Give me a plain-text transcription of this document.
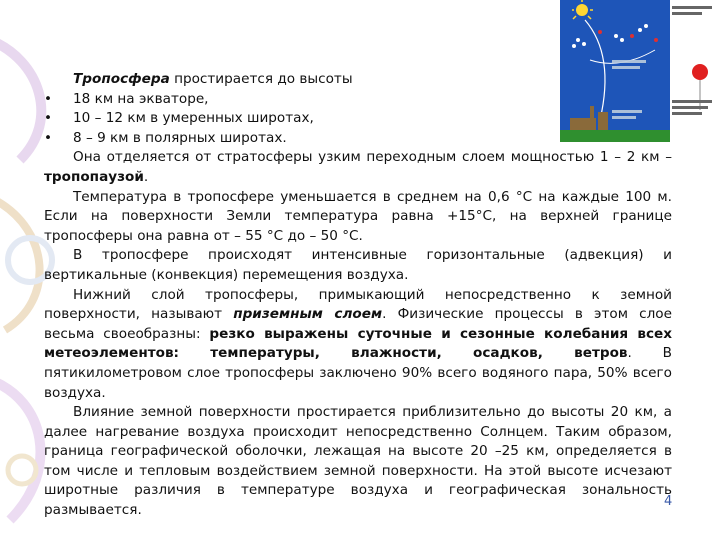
Тропосфера простирается до высоты

• 18 км на экваторе,
• 10 – 12 км в умеренных широтах,
• 8 – 9 км в полярных широтах.

Она отделяется от стратосферы узким переходным слоем мощностью 1 – 2 км – тропопаузой.

Температура в тропосфере уменьшается в среднем на 0,6 °С на каждые 100 м. Если на поверхности Земли температура равна +15°С, на верхней границе тропосферы она равна от – 55 °С до – 50 °С.

В тропосфере происходят интенсивные горизонтальные (адвекция) и вертикальные (конвекция) перемещения воздуха.

Нижний слой тропосферы, примыкающий непосредственно к земной поверхности, называют приземным слоем. Физические процессы в этом слое весьма своеобразны: резко выражены суточные и сезонные колебания всех метеоэлементов: температуры, влажности, осадков, ветров. В пятикилометровом слое тропосферы заключено 90% всего водяного пара, 50% всего воздуха.

Влияние земной поверхности простирается приблизительно до высоты 20 км, а далее нагревание воздуха происходит непосредственно Солнцем. Таким образом, граница географической оболочки, лежащая на высоте 20 –25 км, определяется в том числе и тепловым воздействием земной поверхности. На этой высоте исчезают широтные различия в температуре воздуха и географическая зональность размывается.

4
